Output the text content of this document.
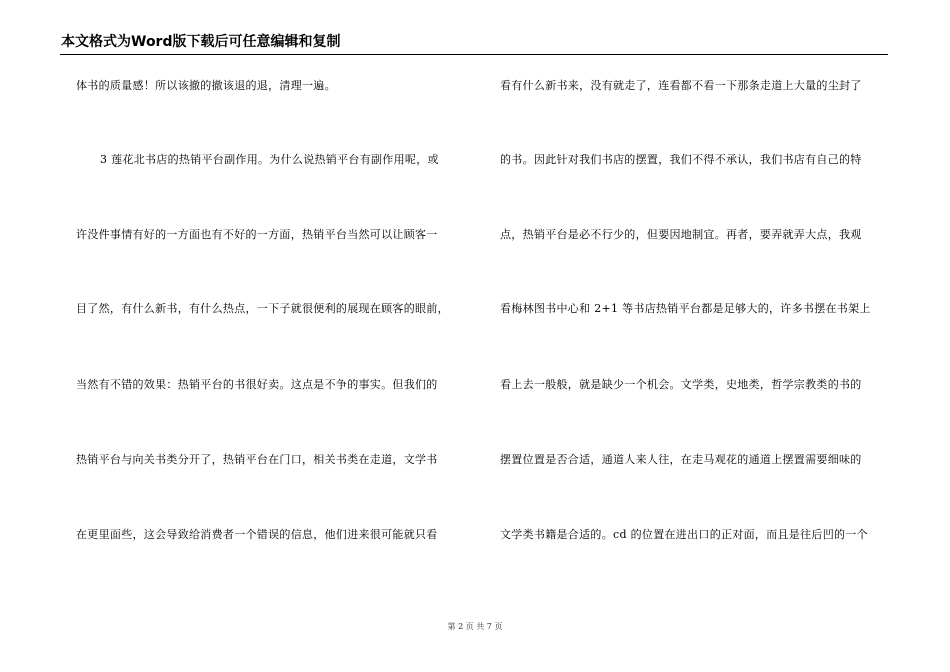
本文格式为Word版下载后可任意编辑和复制
体书的质量感！所以该撤的撤该退的退，清理一遍。
3 莲花北书店的热销平台副作用。为什么说热销平台有副作用呢，或
许没件事情有好的一方面也有不好的一方面，热销平台当然可以让顾客一
目了然，有什么新书，有什么热点，一下子就很便利的展现在顾客的眼前，
当然有不错的效果：热销平台的书很好卖。这点是不争的事实。但我们的
热销平台与向关书类分开了，热销平台在门口，相关书类在走道，文学书
在更里面些，这会导致给消费者一个错误的信息，他们进来很可能就只看
看有什么新书来，没有就走了，连看都不看一下那条走道上大量的尘封了
的书。因此针对我们书店的摆置，我们不得不承认，我们书店有自己的特
点，热销平台是必不行少的，但要因地制宜。再者，要弄就弄大点，我观
看梅林图书中心和 2+1 等书店热销平台都是足够大的，许多书摆在书架上
看上去一般般，就是缺少一个机会。文学类，史地类，哲学宗教类的书的
摆置位置是否合适，通道人来人往，在走马观花的通道上摆置需要细味的
文学类书籍是合适的。cd 的位置在进出口的正对面，而且是往后凹的一个
第 2 页 共 7 页
